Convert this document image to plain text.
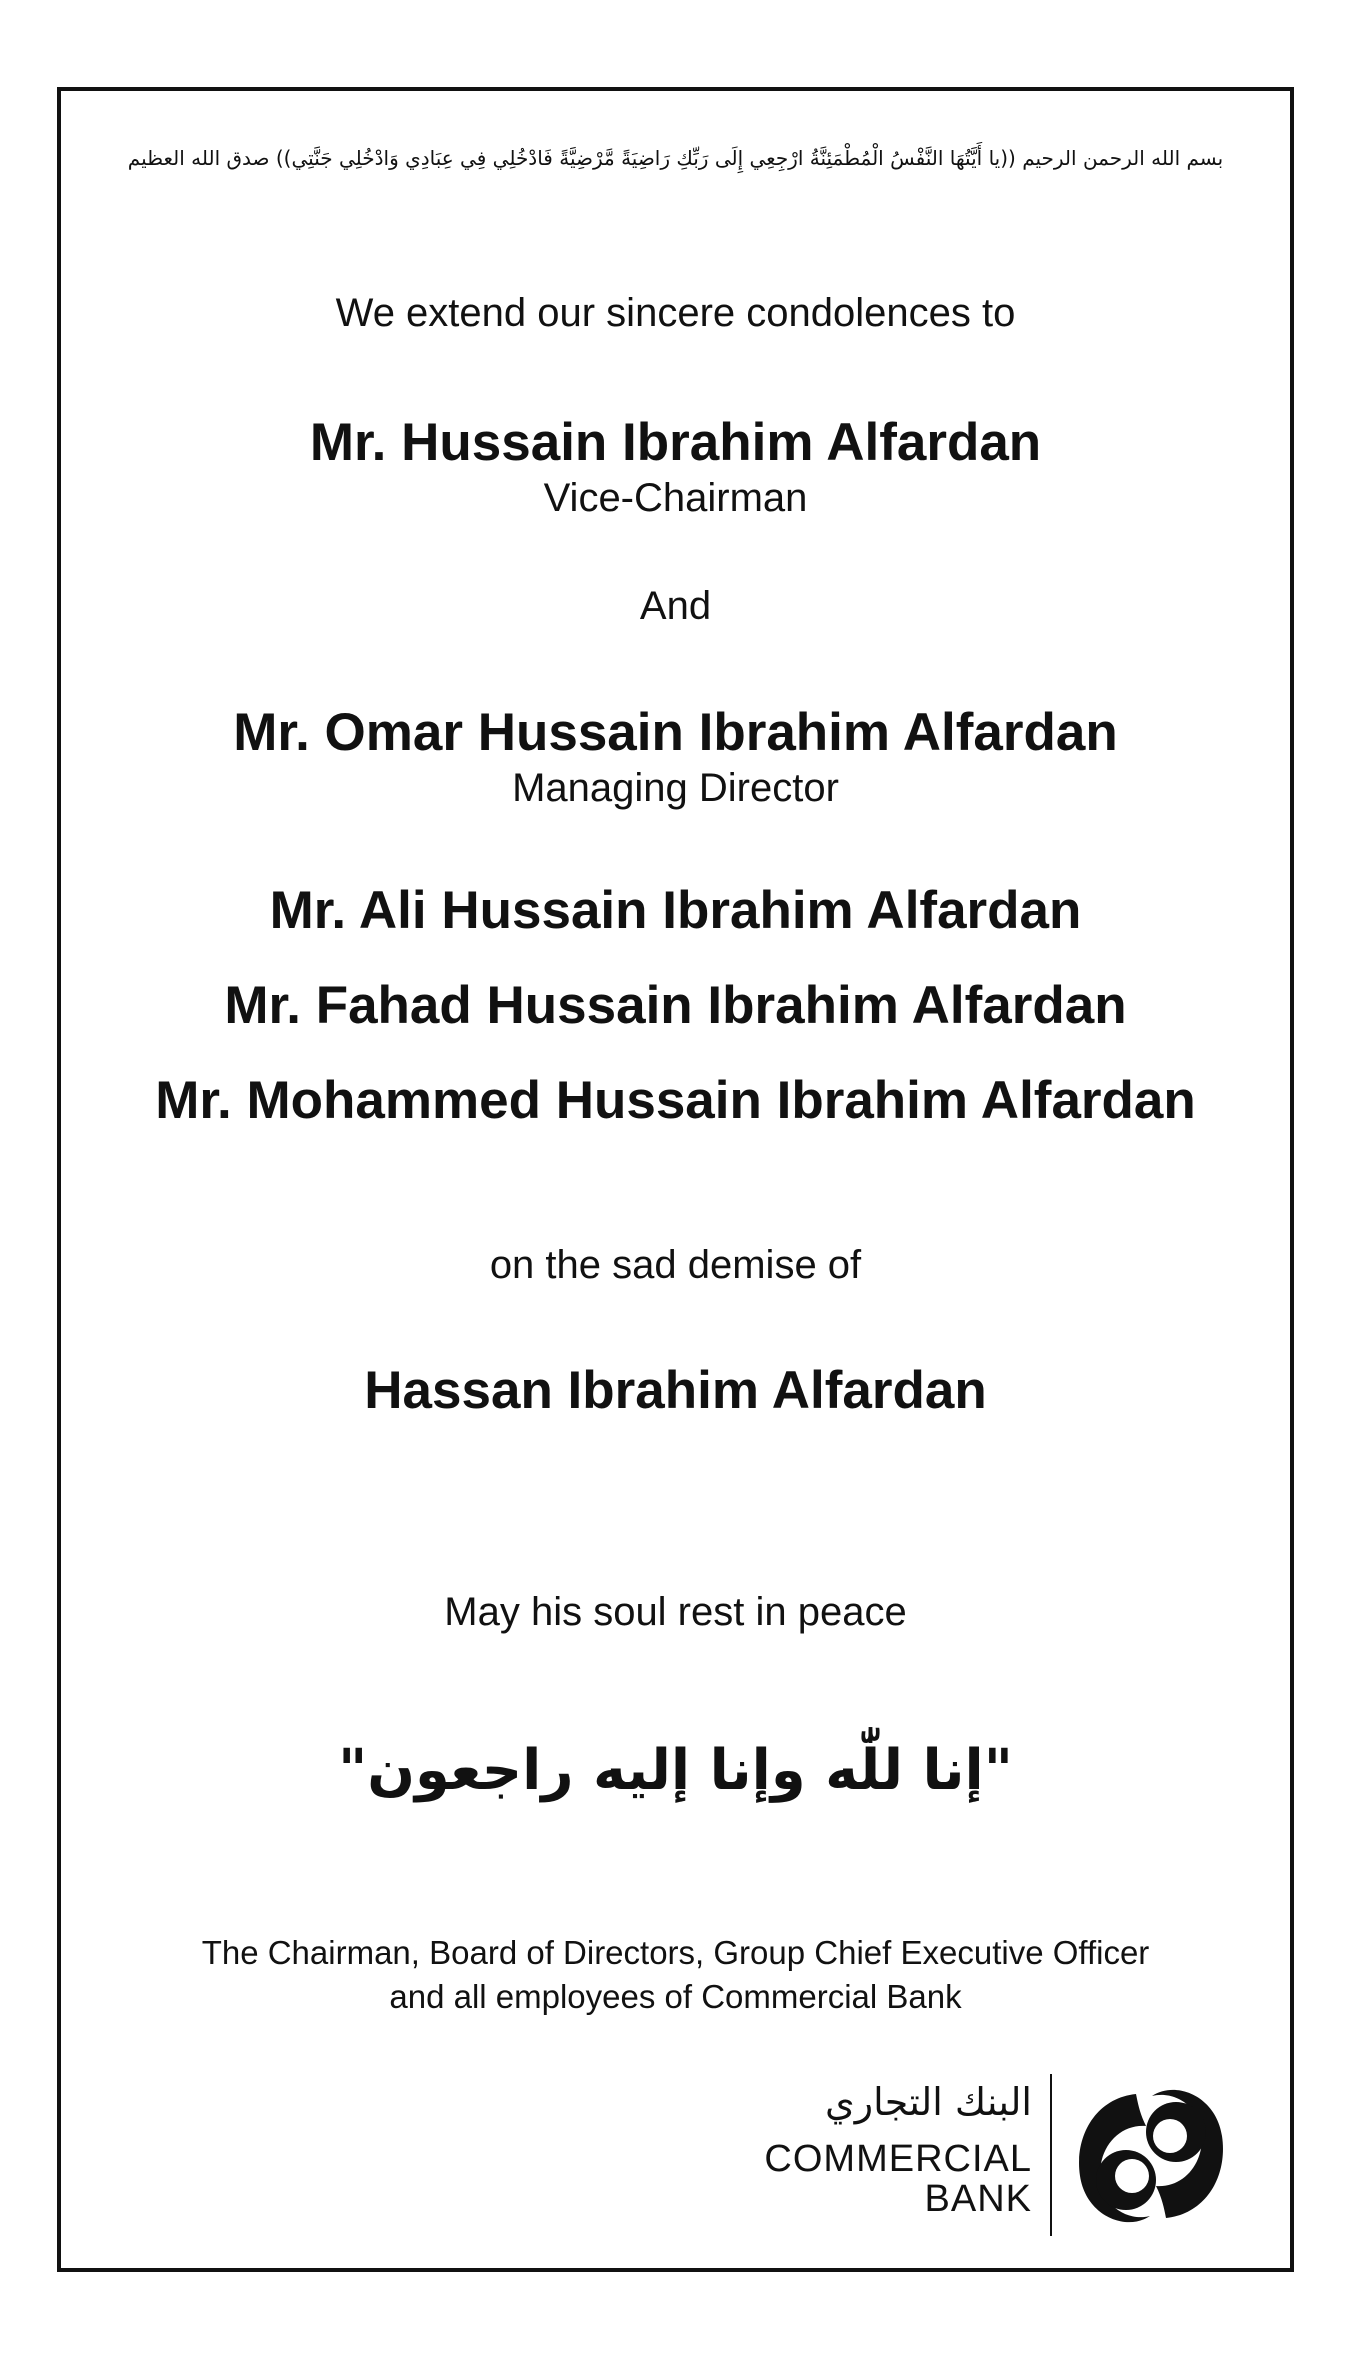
بسم الله الرحمن الرحيم ((يا أَيَّتُهَا النَّفْسُ الْمُطْمَئِنَّةُ ارْجِعِي إِلَى رَبِّكِ رَاضِيَةً مَّرْضِيَّةً فَادْخُلِي فِي عِبَادِي وَادْخُلِي جَنَّتِي)) صدق الله العظيم
We extend our sincere condolences to
Mr. Hussain Ibrahim Alfardan
Vice-Chairman
And
Mr. Omar Hussain Ibrahim Alfardan
Managing Director
Mr. Ali Hussain Ibrahim Alfardan
Mr. Fahad Hussain Ibrahim Alfardan
Mr. Mohammed Hussain Ibrahim Alfardan
on the sad demise of
Hassan Ibrahim Alfardan
May his soul rest in peace
"إنا للّٰه وإنا إليه راجعون"
The Chairman, Board of Directors, Group Chief Executive Officer
and all employees of Commercial Bank
البنك التجاري
COMMERCIAL
BANK
